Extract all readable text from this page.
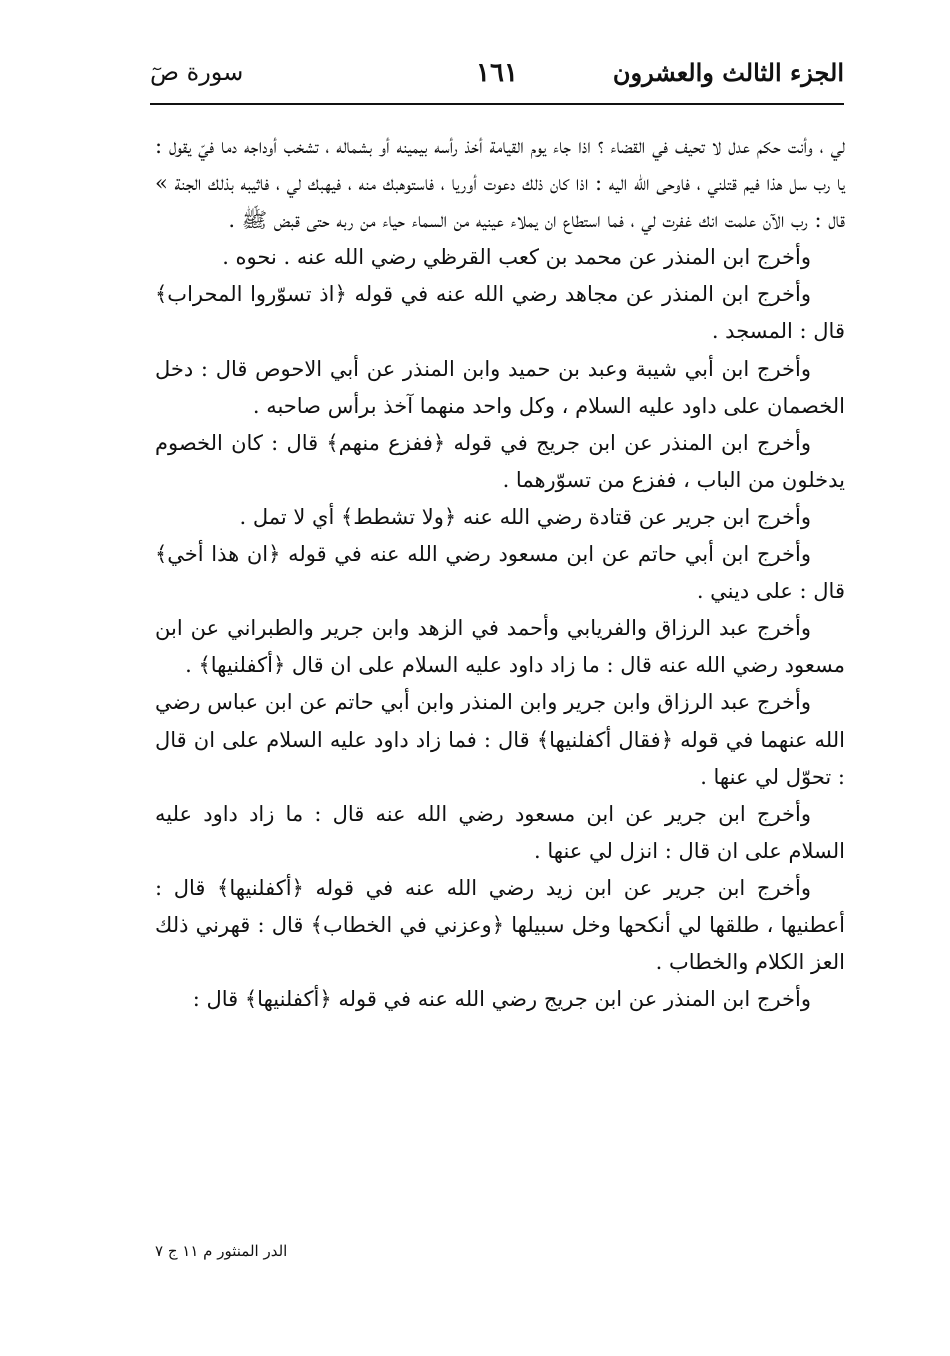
الجزء الثالث والعشرون
١٦١
سورة صٓ

لي ، وأنت حكم عدل لا تحيف في القضاء ؟ اذا جاء يوم القيامة أخذ رأسه بيمينه أو بشماله ، تشخب أوداجه دما فيّ يقول : يا رب سل هذا فيم قتلني ، فاوحى الله اليه : اذا كان ذلك دعوت أوريا ، فاستوهبك منه ، فيهبك لي ، فاثيبه بذلك الجنة » قال : رب الآن علمت انك غفرت لي ، فما استطاع ان يملاء عينيه من السماء حياء من ربه حتى قبض ﷺ .

وأخرج ابن المنذر عن محمد بن كعب القرظي رضي الله عنه . نحوه .

وأخرج ابن المنذر عن مجاهد رضي الله عنه في قوله ﴿اذ تسوّروا المحراب﴾ قال : المسجد .

وأخرج ابن أبي شيبة وعبد بن حميد وابن المنذر عن أبي الاحوص قال : دخل الخصمان على داود عليه السلام ، وكل واحد منهما آخذ برأس صاحبه .

وأخرج ابن المنذر عن ابن جريج في قوله ﴿ففزع منهم﴾ قال : كان الخصوم يدخلون من الباب ، ففزع من تسوّرهما .

وأخرج ابن جرير عن قتادة رضي الله عنه ﴿ولا تشطط﴾ أي لا تمل .

وأخرج ابن أبي حاتم عن ابن مسعود رضي الله عنه في قوله ﴿ان هذا أخي﴾ قال : على ديني .

وأخرج عبد الرزاق والفريابي وأحمد في الزهد وابن جرير والطبراني عن ابن مسعود رضي الله عنه قال : ما زاد داود عليه السلام على ان قال ﴿أكفلنيها﴾ .

وأخرج عبد الرزاق وابن جرير وابن المنذر وابن أبي حاتم عن ابن عباس رضي الله عنهما في قوله ﴿فقال أكفلنيها﴾ قال : فما زاد داود عليه السلام على ان قال : تحوّل لي عنها .

وأخرج ابن جرير عن ابن مسعود رضي الله عنه قال : ما زاد داود عليه السلام على ان قال : انزل لي عنها .

وأخرج ابن جرير عن ابن زيد رضي الله عنه في قوله ﴿أكفلنيها﴾ قال : أعطنيها ، طلقها لي أنكحها وخل سبيلها ﴿وعزني في الخطاب﴾ قال : قهرني ذلك العز الكلام والخطاب .

وأخرج ابن المنذر عن ابن جريج رضي الله عنه في قوله ﴿أكفلنيها﴾ قال :

الدر المنثور م ١١ ج ٧
